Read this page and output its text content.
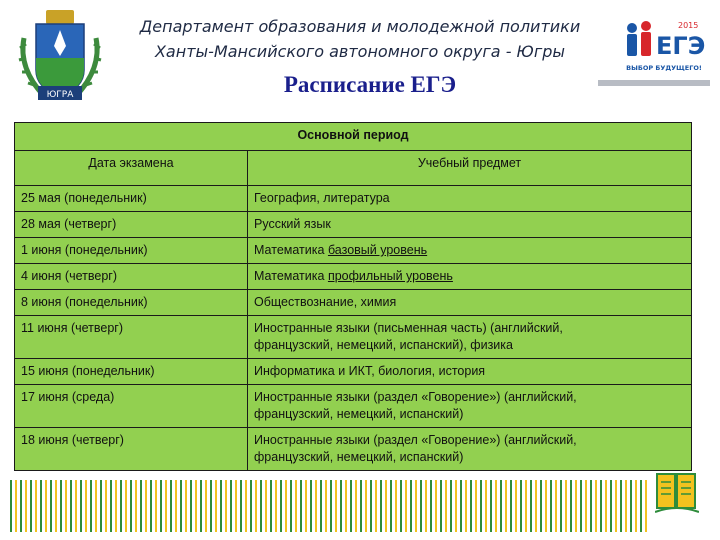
ЮГРА
Департамент образования и молодежной политики
Ханты-Мансийского автономного округа - Югры
Расписание ЕГЭ
ЕГЭ
2015
ВЫБОР БУДУЩЕГО!
Основной период	
Дата экзамена	Учебный предмет
25 мая (понедельник)	География, литература
28 мая (четверг)	Русский язык
1 июня (понедельник)	Математика базовый уровень
4 июня (четверг)	Математика профильный уровень
8 июня (понедельник)	Обществознание, химия
11 июня (четверг)	Иностранные языки (письменная часть) (английский,
французский, немецкий, испанский), физика

15 июня (понедельник)	Информатика и ИКТ, биология, история
17 июня (среда)	Иностранные языки (раздел «Говорение») (английский,
французский, немецкий, испанский)

18 июня (четверг)	Иностранные языки (раздел «Говорение») (английский,
французский, немецкий, испанский)
